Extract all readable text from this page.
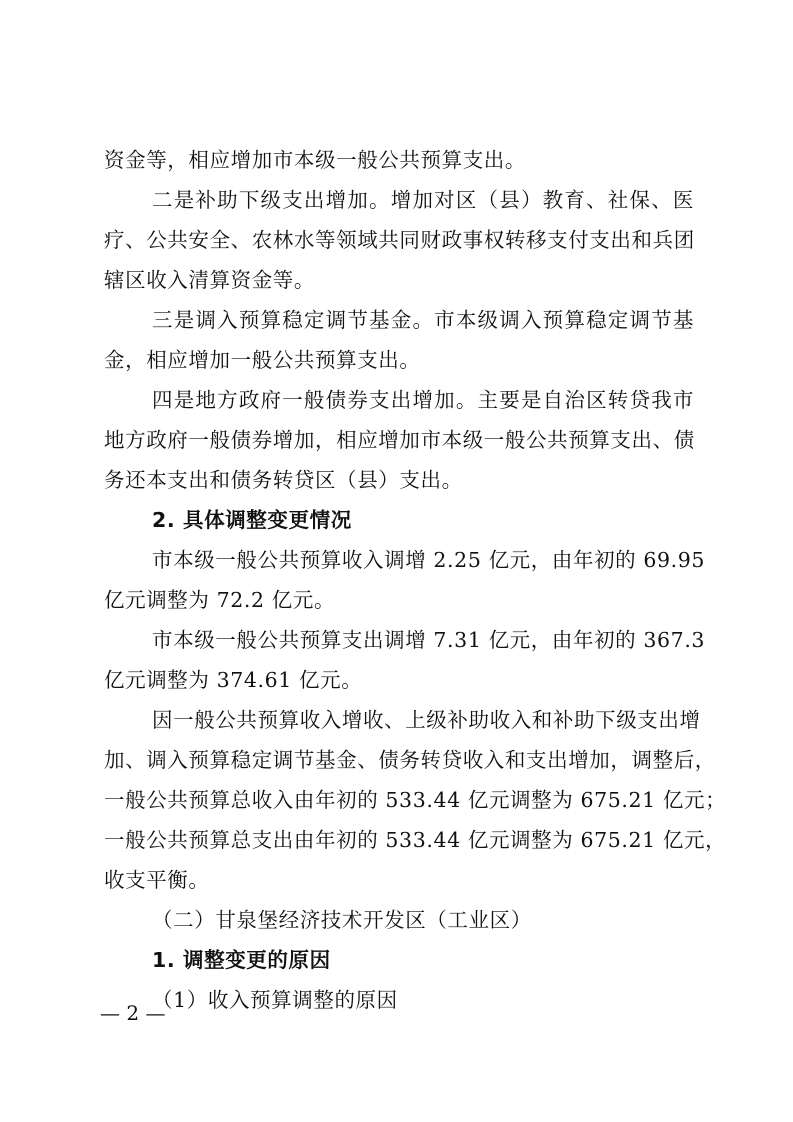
资金等，相应增加市本级一般公共预算支出。
二是补助下级支出增加。增加对区（县）教育、社保、医
疗、公共安全、农林水等领域共同财政事权转移支付支出和兵团
辖区收入清算资金等。
三是调入预算稳定调节基金。市本级调入预算稳定调节基
金，相应增加一般公共预算支出。
四是地方政府一般债券支出增加。主要是自治区转贷我市
地方政府一般债券增加，相应增加市本级一般公共预算支出、债
务还本支出和债务转贷区（县）支出。
2. 具体调整变更情况
市本级一般公共预算收入调增 2.25 亿元，由年初的 69.95
亿元调整为 72.2 亿元。
市本级一般公共预算支出调增 7.31 亿元，由年初的 367.3
亿元调整为 374.61 亿元。
因一般公共预算收入增收、上级补助收入和补助下级支出增
加、调入预算稳定调节基金、债务转贷收入和支出增加，调整后，
一般公共预算总收入由年初的 533.44 亿元调整为 675.21 亿元；
一般公共预算总支出由年初的 533.44 亿元调整为 675.21 亿元，
收支平衡。
（二）甘泉堡经济技术开发区（工业区）
1. 调整变更的原因
（1）收入预算调整的原因
— 2 —
